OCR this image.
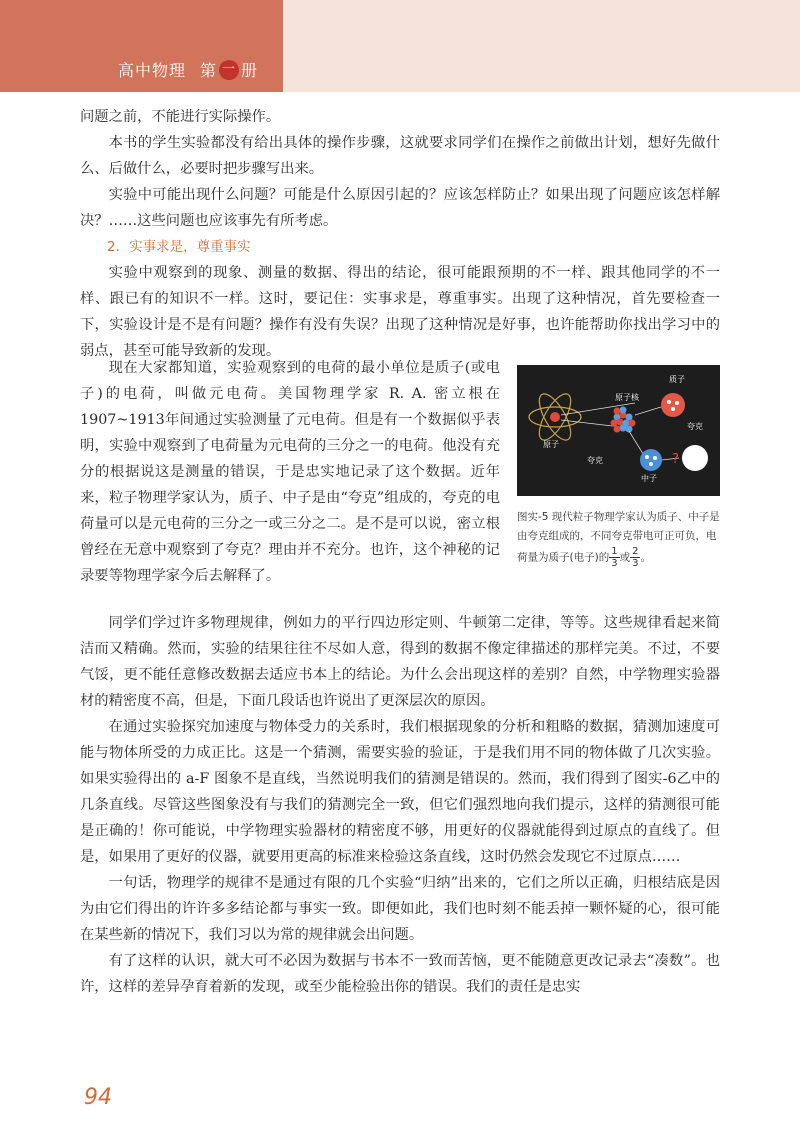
高中物理 第 一 册

问题之前，不能进行实际操作。

本书的学生实验都没有给出具体的操作步骤，这就要求同学们在操作之前做出计划，想好先做什么、后做什么，必要时把步骤写出来。

实验中可能出现什么问题？可能是什么原因引起的？应该怎样防止？如果出现了问题应该怎样解决？……这些问题也应该事先有所考虑。

2．实事求是，尊重事实

实验中观察到的现象、测量的数据、得出的结论，很可能跟预期的不一样、跟其他同学的不一样、跟已有的知识不一样。这时，要记住：实事求是，尊重事实。出现了这种情况，首先要检查一下，实验设计是不是有问题？操作有没有失误？出现了这种情况是好事，也许能帮助你找出学习中的弱点，甚至可能导致新的发现。

现在大家都知道，实验观察到的电荷的最小单位是质子(或电子)的电荷，叫做元电荷。美国物理学家 R. A. 密立根在1907~1913年间通过实验测量了元电荷。但是有一个数据似乎表明，实验中观察到了电荷量为元电荷的三分之一的电荷。他没有充分的根据说这是测量的错误，于是忠实地记录了这个数据。近年来，粒子物理学家认为，质子、中子是由“夸克”组成的，夸克的电荷量可以是元电荷的三分之一或三分之二。是不是可以说，密立根曾经在无意中观察到了夸克？理由并不充分。也许，这个神秘的记录要等物理学家今后去解释了。

?
质子
原子核
夸克
原子
夸克
中子
图实-5 现代粒子物理学家认为质子、中子是由夸克组成的，不同夸克带电可正可负，电荷量为质子(电子)的 $\frac{1}{3}$ 或 $\frac{2}{3}$ 。

同学们学过许多物理规律，例如力的平行四边形定则、牛顿第二定律，等等。这些规律看起来简洁而又精确。然而，实验的结果往往不尽如人意，得到的数据不像定律描述的那样完美。不过，不要气馁，更不能任意修改数据去适应书本上的结论。为什么会出现这样的差别？自然，中学物理实验器材的精密度不高，但是，下面几段话也许说出了更深层次的原因。

在通过实验探究加速度与物体受力的关系时，我们根据现象的分析和粗略的数据，猜测加速度可能与物体所受的力成正比。这是一个猜测，需要实验的验证，于是我们用不同的物体做了几次实验。如果实验得出的 a-F 图象不是直线，当然说明我们的猜测是错误的。然而，我们得到了图实-6乙中的几条直线。尽管这些图象没有与我们的猜测完全一致，但它们强烈地向我们提示，这样的猜测很可能是正确的！你可能说，中学物理实验器材的精密度不够，用更好的仪器就能得到过原点的直线了。但是，如果用了更好的仪器，就要用更高的标准来检验这条直线，这时仍然会发现它不过原点……

一句话，物理学的规律不是通过有限的几个实验“归纳”出来的，它们之所以正确，归根结底是因为由它们得出的许许多多结论都与事实一致。即便如此，我们也时刻不能丢掉一颗怀疑的心，很可能在某些新的情况下，我们习以为常的规律就会出问题。

有了这样的认识，就大可不必因为数据与书本不一致而苦恼，更不能随意更改记录去“凑数”。也许，这样的差异孕育着新的发现，或至少能检验出你的错误。我们的责任是忠实

94
